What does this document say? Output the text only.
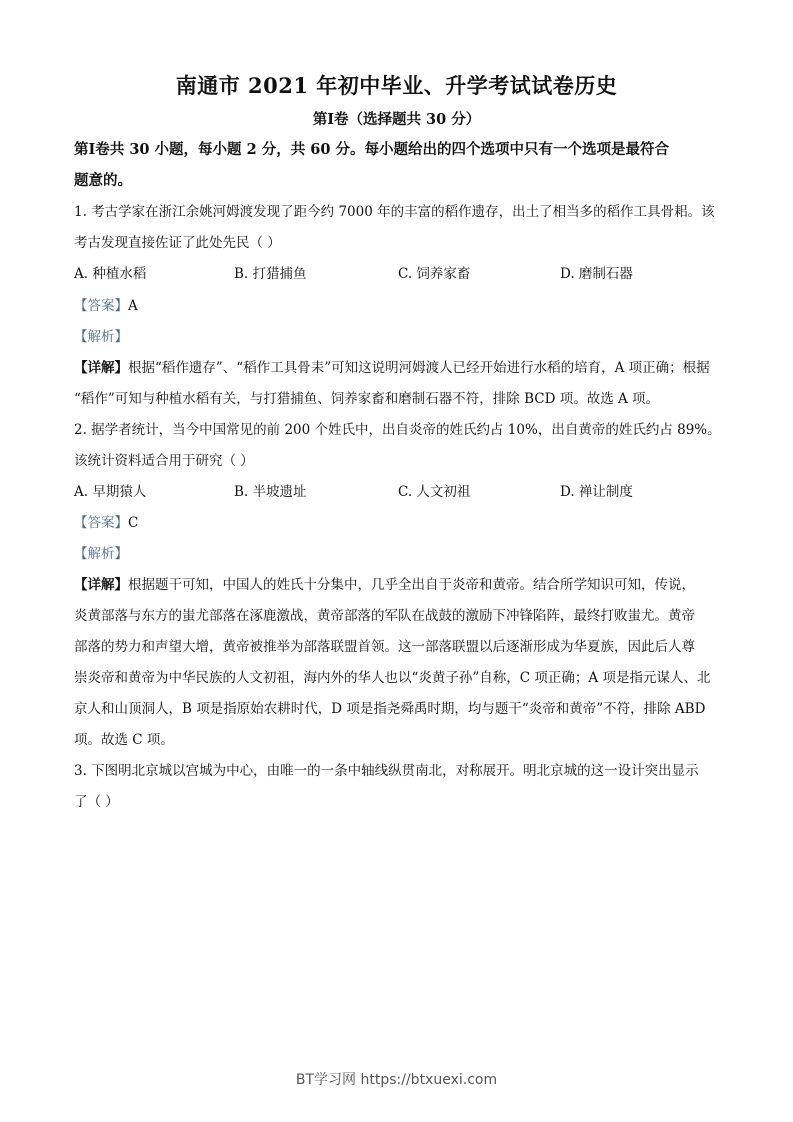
南通市 2021 年初中毕业、升学考试试卷历史
第Ⅰ卷（选择题共 30 分）
第Ⅰ卷共 30 小题，每小题 2 分，共 60 分。每小题给出的四个选项中只有一个选项是最符合
题意的。
1. 考古学家在浙江余姚河姆渡发现了距今约 7000 年的丰富的稻作遗存，出土了相当多的稻作工具骨耜。该
考古发现直接佐证了此处先民（ ）
A. 种植水稻	B. 打猎捕鱼	C. 饲养家畜	D. 磨制石器
【答案】A
【解析】
【详解】根据“稻作遗存”、“稻作工具骨耒”可知这说明河姆渡人已经开始进行水稻的培育，A 项正确；根据
“稻作”可知与种植水稻有关，与打猎捕鱼、饲养家畜和磨制石器不符，排除 BCD 项。故选 A 项。
2. 据学者统计，当今中国常见的前 200 个姓氏中，出自炎帝的姓氏约占 10%，出自黄帝的姓氏约占 89%。
该统计资料适合用于研究（ ）
A. 早期猿人	B. 半坡遗址	C. 人文初祖	D. 禅让制度
【答案】C
【解析】
【详解】根据题干可知，中国人的姓氏十分集中，几乎全出自于炎帝和黄帝。结合所学知识可知，传说，
炎黄部落与东方的蚩尤部落在涿鹿激战，黄帝部落的军队在战鼓的激励下冲锋陷阵，最终打败蚩尤。黄帝
部落的势力和声望大增，黄帝被推举为部落联盟首领。这一部落联盟以后逐渐形成为华夏族，因此后人尊
崇炎帝和黄帝为中华民族的人文初祖，海内外的华人也以“炎黄子孙”自称，C 项正确；A 项是指元谋人、北
京人和山顶洞人，B 项是指原始农耕时代，D 项是指尧舜禹时期，均与题干“炎帝和黄帝”不符，排除 ABD
项。故选 C 项。
3. 下图明北京城以宫城为中心，由唯一的一条中轴线纵贯南北，对称展开。明北京城的这一设计突出显示
了（ ）
BT学习网 https://btxuexi.com
